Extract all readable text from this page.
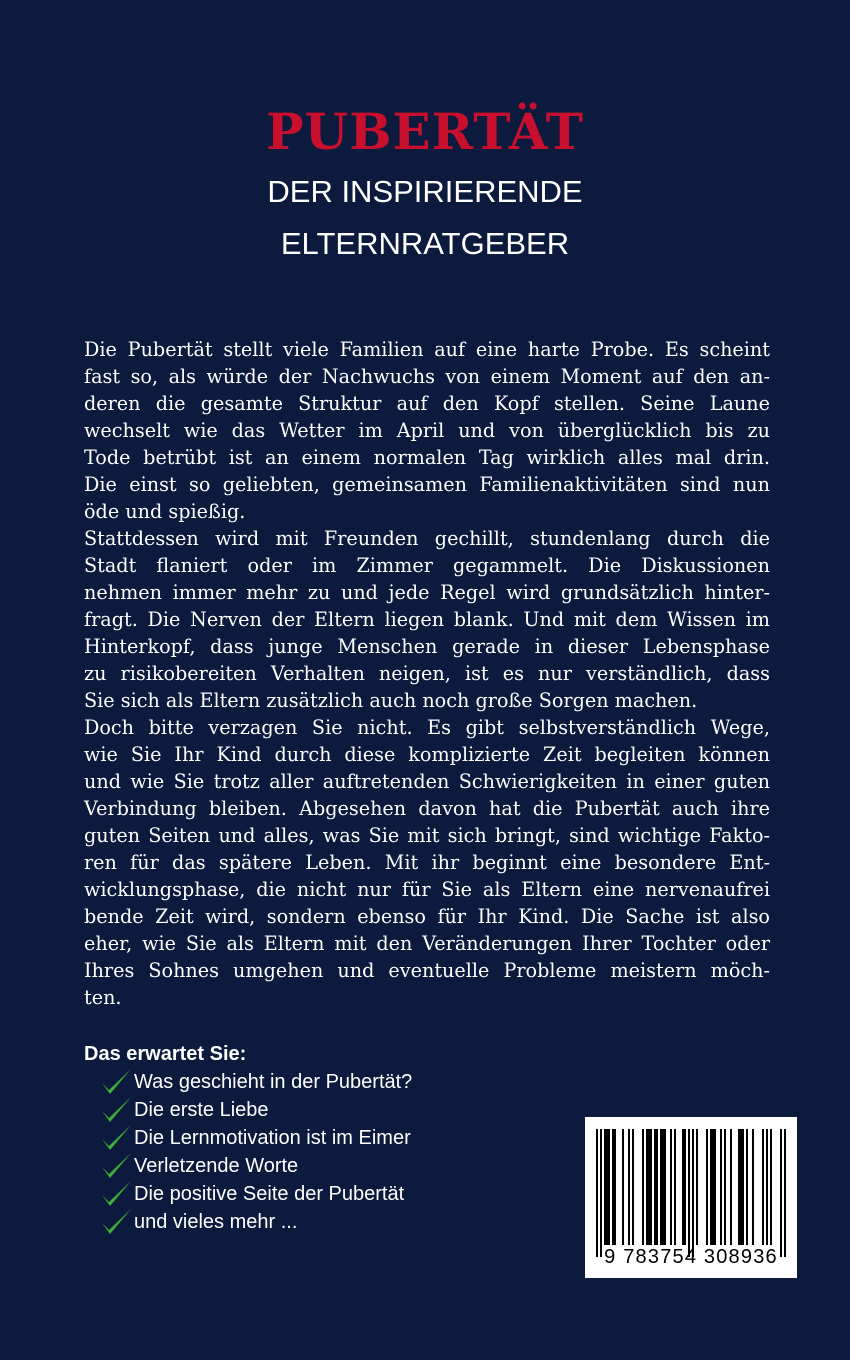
PUBERTÄT
DER INSPIRIERENDE
ELTERNRATGEBER
Die Pubertät stellt viele Familien auf eine harte Probe. Es scheint
fast so, als würde der Nachwuchs von einem Moment auf den an-
deren die gesamte Struktur auf den Kopf stellen. Seine Laune
wechselt wie das Wetter im April und von überglücklich bis zu
Tode betrübt ist an einem normalen Tag wirklich alles mal drin.
Die einst so geliebten, gemeinsamen Familienaktivitäten sind nun
öde und spießig.
Stattdessen wird mit Freunden gechillt, stundenlang durch die
Stadt flaniert oder im Zimmer gegammelt. Die Diskussionen
nehmen immer mehr zu und jede Regel wird grundsätzlich hinter-
fragt. Die Nerven der Eltern liegen blank. Und mit dem Wissen im
Hinterkopf, dass junge Menschen gerade in dieser Lebensphase
zu risikobereiten Verhalten neigen, ist es nur verständlich, dass
Sie sich als Eltern zusätzlich auch noch große Sorgen machen.
Doch bitte verzagen Sie nicht. Es gibt selbstverständlich Wege,
wie Sie Ihr Kind durch diese komplizierte Zeit begleiten können
und wie Sie trotz aller auftretenden Schwierigkeiten in einer guten
Verbindung bleiben. Abgesehen davon hat die Pubertät auch ihre
guten Seiten und alles, was Sie mit sich bringt, sind wichtige Fakto-
ren für das spätere Leben. Mit ihr beginnt eine besondere Ent-
wicklungsphase, die nicht nur für Sie als Eltern eine nervenaufrei
bende Zeit wird, sondern ebenso für Ihr Kind. Die Sache ist also
eher, wie Sie als Eltern mit den Veränderungen Ihrer Tochter oder
Ihres Sohnes umgehen und eventuelle Probleme meistern möch-
ten.
Das erwartet Sie:
Was geschieht in der Pubertät?
Die erste Liebe
Die Lernmotivation ist im Eimer
Verletzende Worte
Die positive Seite der Pubertät
und vieles mehr ...
9 783754 308936
